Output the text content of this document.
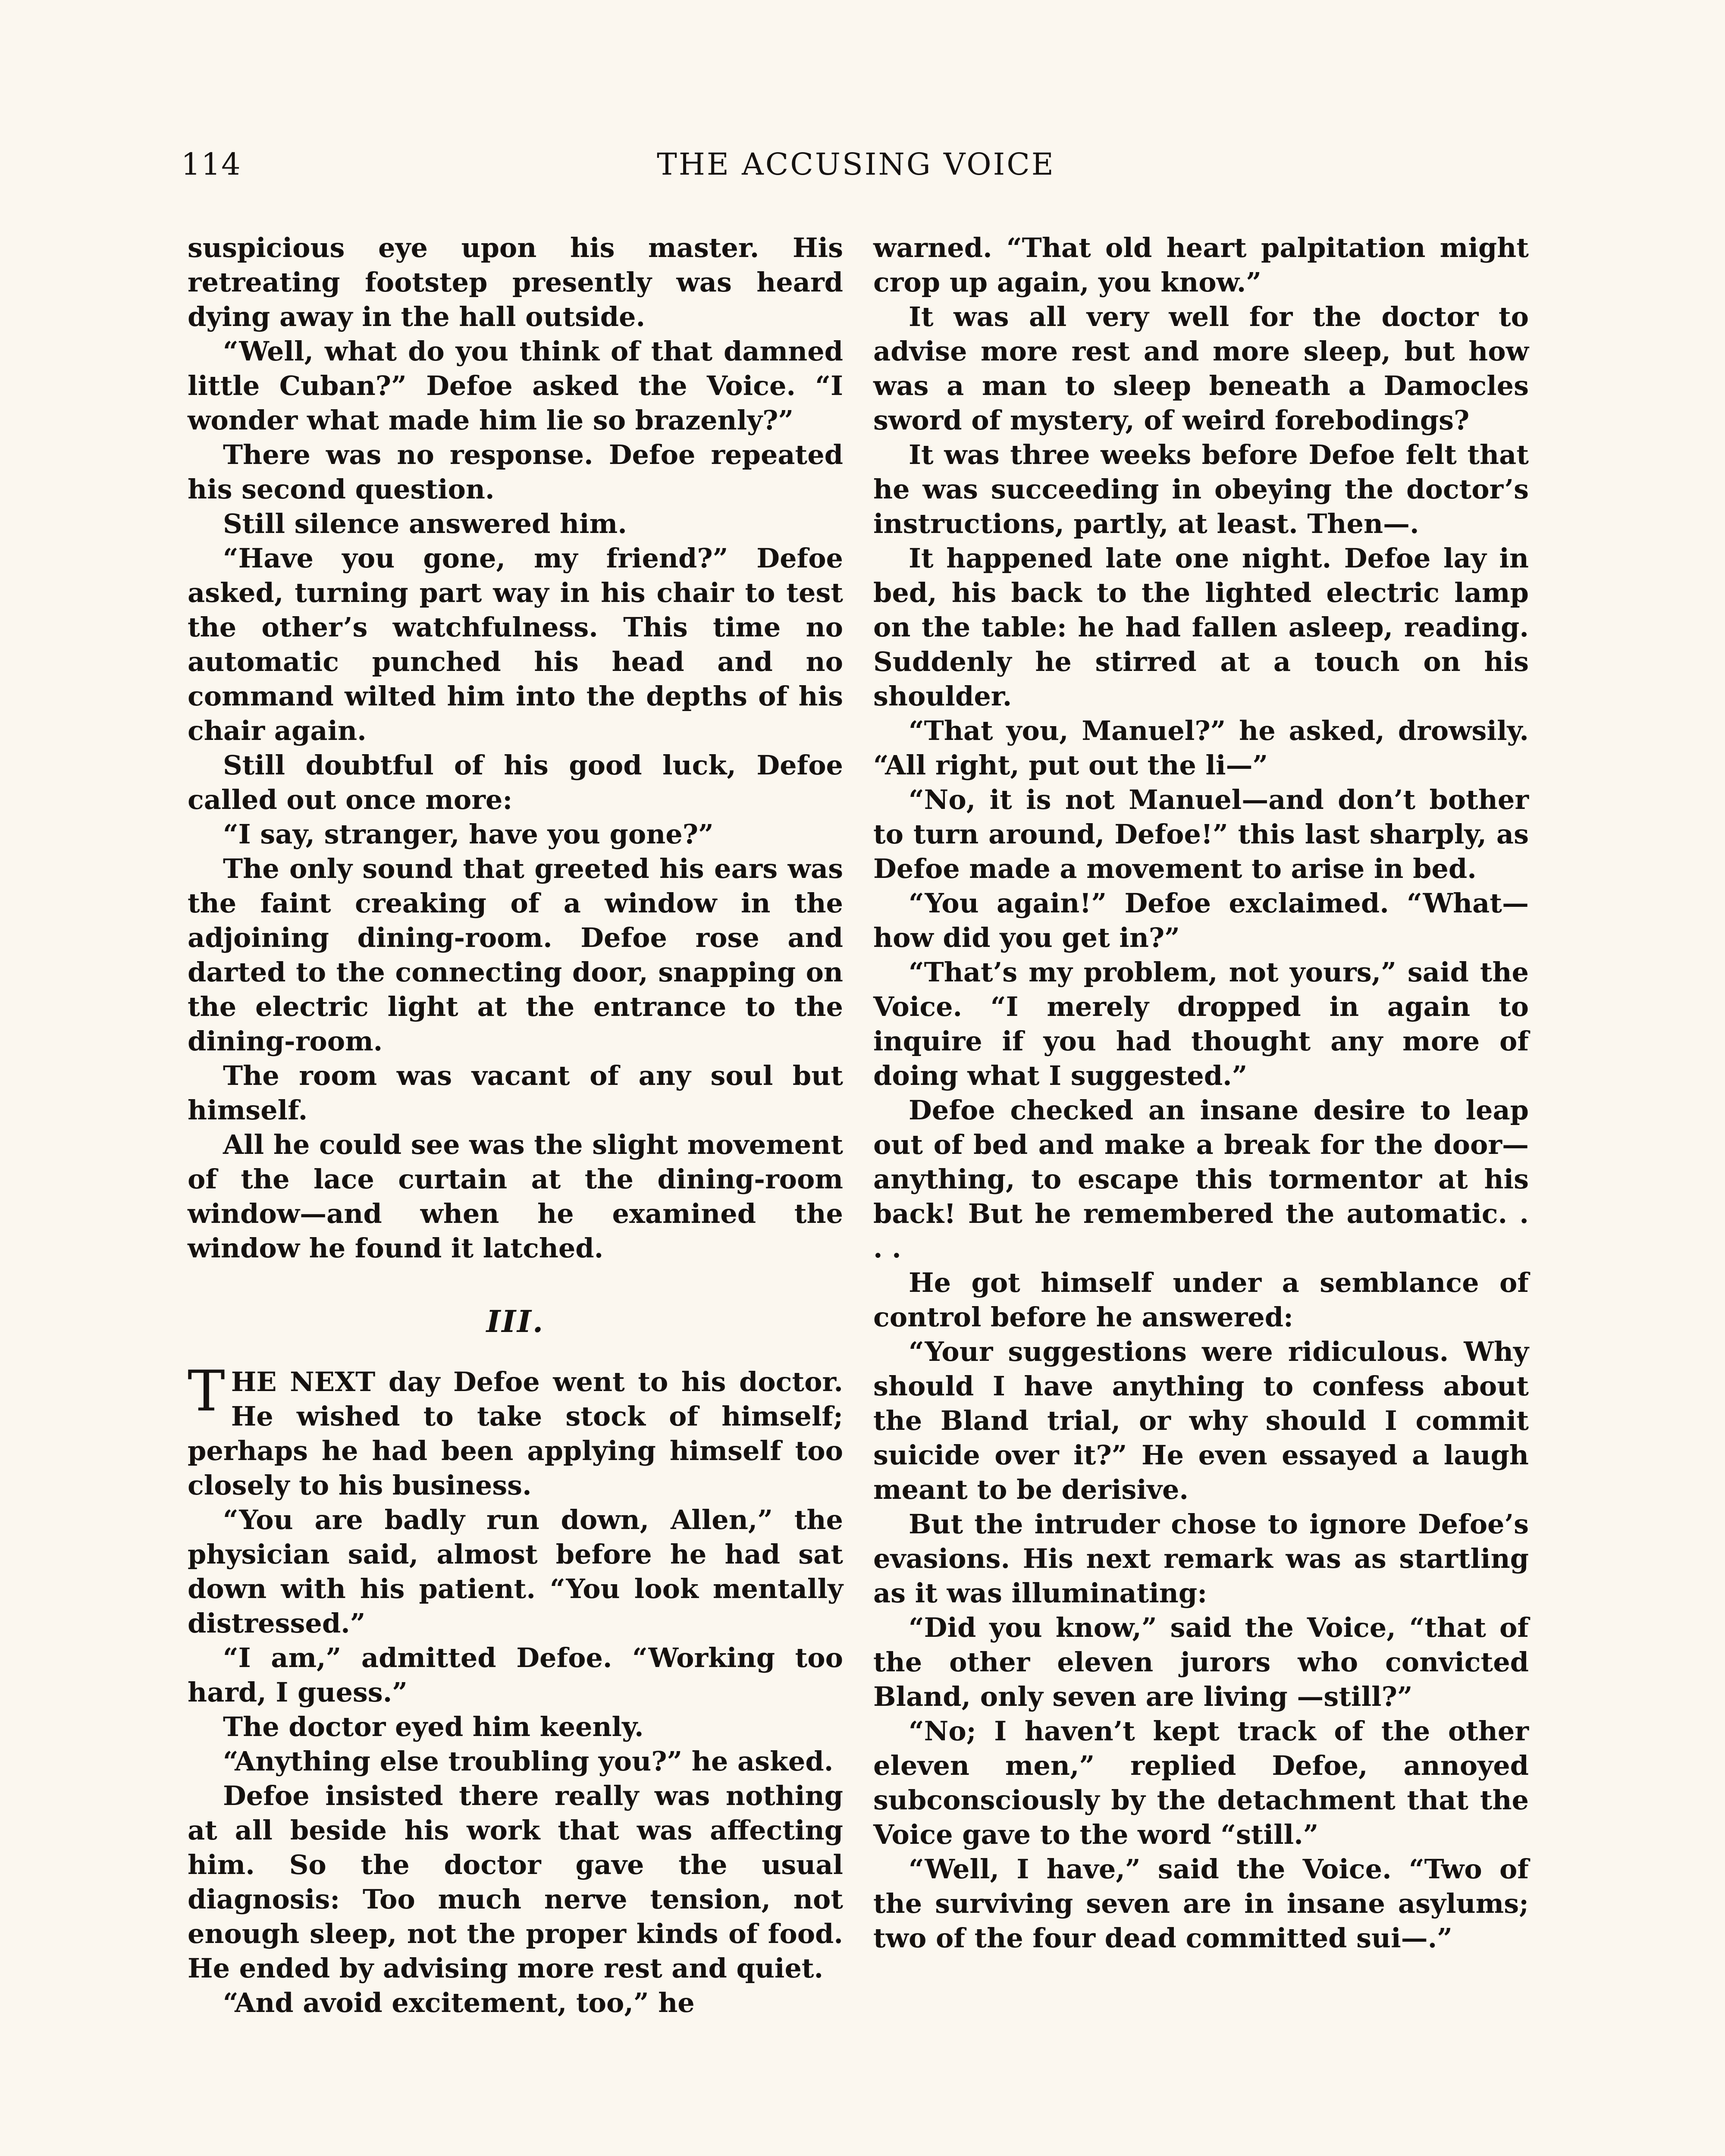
114	THE ACCUSING VOICE

suspicious eye upon his master. His retreating footstep presently was heard dying away in the hall outside.

“Well, what do you think of that damned little Cuban?” Defoe asked the Voice. “I wonder what made him lie so brazenly?”

There was no response. Defoe repeated his second question.

Still silence answered him.

“Have you gone, my friend?” Defoe asked, turning part way in his chair to test the other’s watchfulness. This time no automatic punched his head and no command wilted him into the depths of his chair again.

Still doubtful of his good luck, Defoe called out once more:

“I say, stranger, have you gone?”

The only sound that greeted his ears was the faint creaking of a window in the adjoining dining-room. Defoe rose and darted to the connecting door, snapping on the electric light at the entrance to the dining-room.

The room was vacant of any soul but himself.

All he could see was the slight movement of the lace curtain at the dining-room window—and when he examined the window he found it latched.

III.

THE NEXT day Defoe went to his doctor. He wished to take stock of himself; perhaps he had been applying himself too closely to his business.

“You are badly run down, Allen,” the physician said, almost before he had sat down with his patient. “You look mentally distressed.”

“I am,” admitted Defoe. “Working too hard, I guess.”

The doctor eyed him keenly.

“Anything else troubling you?” he asked.

Defoe insisted there really was nothing at all beside his work that was affecting him. So the doctor gave the usual diagnosis: Too much nerve tension, not enough sleep, not the proper kinds of food. He ended by advising more rest and quiet.

“And avoid excitement, too,” he

warned. “That old heart palpitation might crop up again, you know.”

It was all very well for the doctor to advise more rest and more sleep, but how was a man to sleep beneath a Damocles sword of mystery, of weird forebodings?

It was three weeks before Defoe felt that he was succeeding in obeying the doctor’s instructions, partly, at least. Then—.

It happened late one night. Defoe lay in bed, his back to the lighted electric lamp on the table: he had fallen asleep, reading. Suddenly he stirred at a touch on his shoulder.

“That you, Manuel?” he asked, drowsily. “All right, put out the li—”

“No, it is not Manuel—and don’t bother to turn around, Defoe!” this last sharply, as Defoe made a movement to arise in bed.

“You again!” Defoe exclaimed. “What—how did you get in?”

“That’s my problem, not yours,” said the Voice. “I merely dropped in again to inquire if you had thought any more of doing what I suggested.”

Defoe checked an insane desire to leap out of bed and make a break for the door—anything, to escape this tormentor at his back! But he remembered the automatic. . . .

He got himself under a semblance of control before he answered:

“Your suggestions were ridiculous. Why should I have anything to confess about the Bland trial, or why should I commit suicide over it?” He even essayed a laugh meant to be derisive.

But the intruder chose to ignore Defoe’s evasions. His next remark was as startling as it was illuminating:

“Did you know,” said the Voice, “that of the other eleven jurors who convicted Bland, only seven are living —still?”

“No; I haven’t kept track of the other eleven men,” replied Defoe, annoyed subconsciously by the detachment that the Voice gave to the word “still.”

“Well, I have,” said the Voice. “Two of the surviving seven are in insane asylums; two of the four dead committed sui—.”
